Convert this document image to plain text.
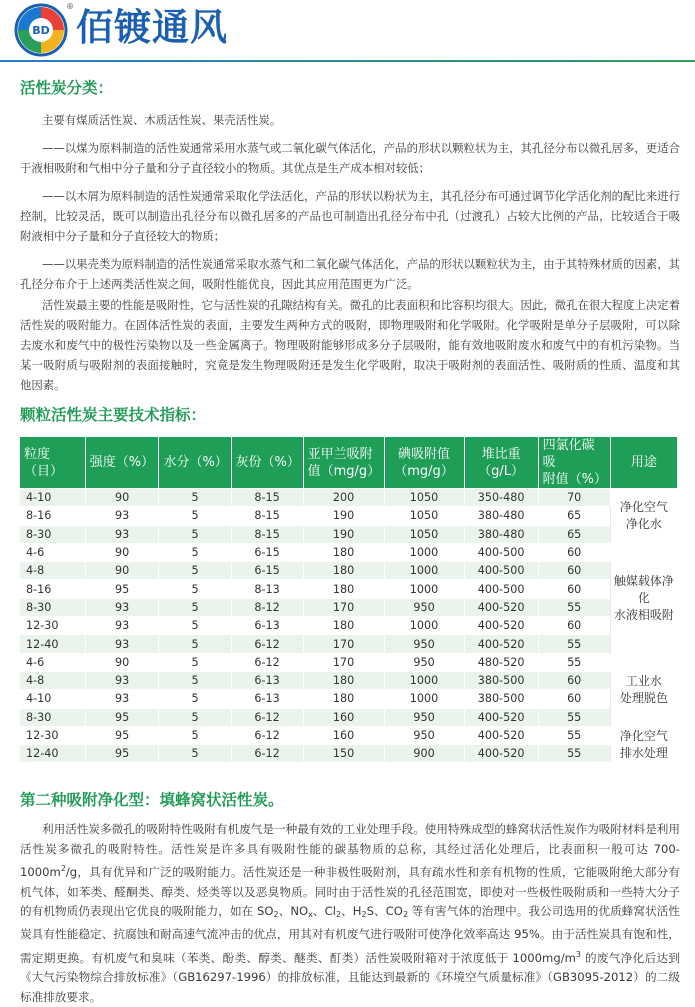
BD
® 佰镀通风
活性炭分类：

主要有煤质活性炭、木质活性炭、果壳活性炭。

——以煤为原料制造的活性炭通常采用水蒸气或二氧化碳气体活化，产品的形状以颗粒状为主，其孔径分布以微孔居多，更适合于液相吸附和气相中分子量和分子直径较小的物质。其优点是生产成本相对较低；

——以木屑为原料制造的活性炭通常采取化学法活化，产品的形状以粉状为主，其孔径分布可通过调节化学活化剂的配比来进行控制，比较灵活，既可以制造出孔径分布以微孔居多的产品也可制造出孔径分布中孔（过渡孔）占较大比例的产品，比较适合于吸附液相中分子量和分子直径较大的物质；

——以果壳类为原料制造的活性炭通常采取水蒸气和二氧化碳气体活化，产品的形状以颗粒状为主，由于其特殊材质的因素，其孔径分布介于上述两类活性炭之间，吸附性能优良，因此其应用范围更为广泛。

活性炭最主要的性能是吸附性，它与活性炭的孔隙结构有关。微孔的比表面积和比容积均很大。因此，微孔在很大程度上决定着活性炭的吸附能力。在固体活性炭的表面，主要发生两种方式的吸附，即物理吸附和化学吸附。化学吸附是单分子层吸附，可以除去废水和废气中的极性污染物以及一些金属离子。物理吸附能够形成多分子层吸附，能有效地吸附废水和废气中的有机污染物。当某一吸附质与吸附剂的表面接触时，究竟是发生物理吸附还是发生化学吸附，取决于吸附剂的表面活性、吸附质的性质、温度和其他因素。

颗粒活性炭主要技术指标：
粒度（目）	强度（%）	水分（%）	灰份（%）	亚甲兰吸附
值（mg/g）	碘吸附值
（mg/g）	堆比重
（g/L）	四氯化碳吸
附值（%）	用途
4-10	90	5	8-15	200	1050	350-480	70	净化空气
净化水
8-16	93	5	8-15	190	1050	380-480	65	
8-30	93	5	8-15	190	1050	380-480	65	
4-6	90	5	6-15	180	1000	400-500	60	触媒载体净化
水液相吸附
4-8	90	5	6-15	180	1000	400-500	60	
8-16	95	5	8-13	180	1000	400-500	60	
8-30	93	5	8-12	170	950	400-520	55	
12-30	93	5	6-13	180	1000	400-520	60	
12-40	93	5	6-12	170	950	400-520	55	
4-6	90	5	6-12	170	950	480-520	55	工业水
处理脱色
4-8	93	5	6-13	180	1000	380-500	60	
4-10	93	5	6-13	180	1000	380-500	60	
8-30	95	5	6-12	160	950	400-520	55	
12-30	95	5	6-12	160	950	400-520	55	净化空气
排水处理
12-40	95	5	6-12	150	900	400-520	55	
第二种吸附净化型：填蜂窝状活性炭。

利用活性炭多微孔的吸附特性吸附有机废气是一种最有效的工业处理手段。使用特殊成型的蜂窝状活性炭作为吸附材料是利用活性炭多微孔的吸附特性。活性炭是许多具有吸附性能的碳基物质的总称，其经过活化处理后，比表面积一般可达 $700-1000m^2/g$，具有优异和广泛的吸附能力。活性炭还是一种非极性吸附剂，具有疏水性和亲有机物的性质，它能吸附绝大部分有机气体，如苯类、醛酮类、醇类、烃类等以及恶臭物质。同时由于活性炭的孔径范围宽，即使对一些极性吸附质和一些特大分子的有机物质仍表现出它优良的吸附能力，如在 $SO_2$、$NO_x$、$Cl_2$、$H_2S$、$CO_2$ 等有害气体的治理中。我公司选用的优质蜂窝状活性炭具有性能稳定、抗腐蚀和耐高速气流冲击的优点，用其对有机废气进行吸附可使净化效率高达 95%。由于活性炭具有饱和性，需定期更换。有机废气和臭味（苯类、酚类、醇类、醚类、酊类）活性炭吸附箱对于浓度低于 $1000mg/m^3$ 的废气净化后达到《大气污染物综合排放标准》（GB16297-1996）的排放标准，且能达到最新的《环境空气质量标准》（GB3095-2012）的二级标准排放要求。
